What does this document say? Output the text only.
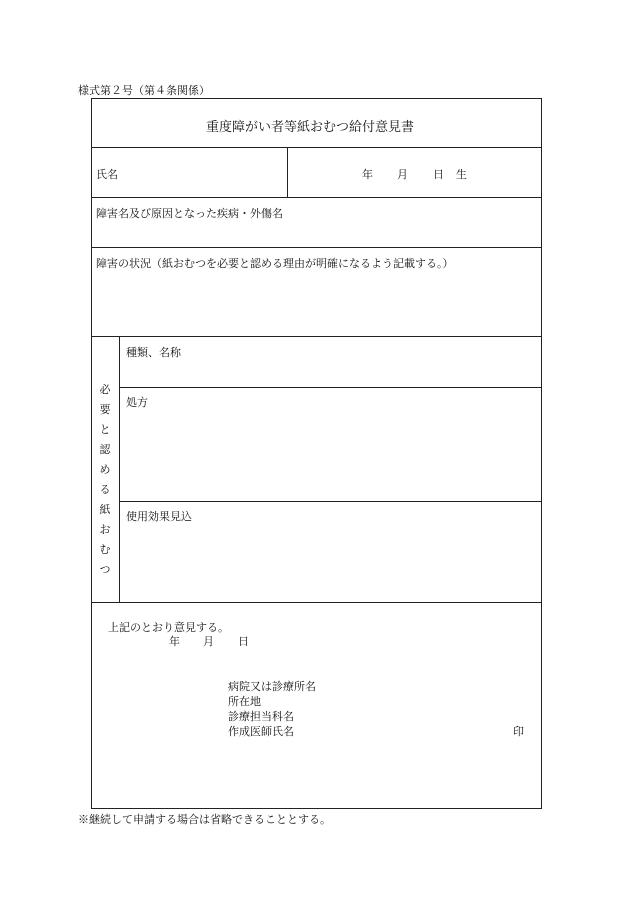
様式第２号（第４条関係）
重度障がい者等紙おむつ給付意見書
氏名	年 月 日 生
障害名及び原因となった疾病・外傷名
障害の状況（紙おむつを必要と認める理由が明確になるよう記載する。）
必
要
と
認
め
る
紙
お
む
つ
種類、名称
処方
使用効果見込
上記のとおり意見する。
年 月 日
病院又は診療所名
所在地
診療担当科名
作成医師氏名	印
※継続して申請する場合は省略できることとする。
